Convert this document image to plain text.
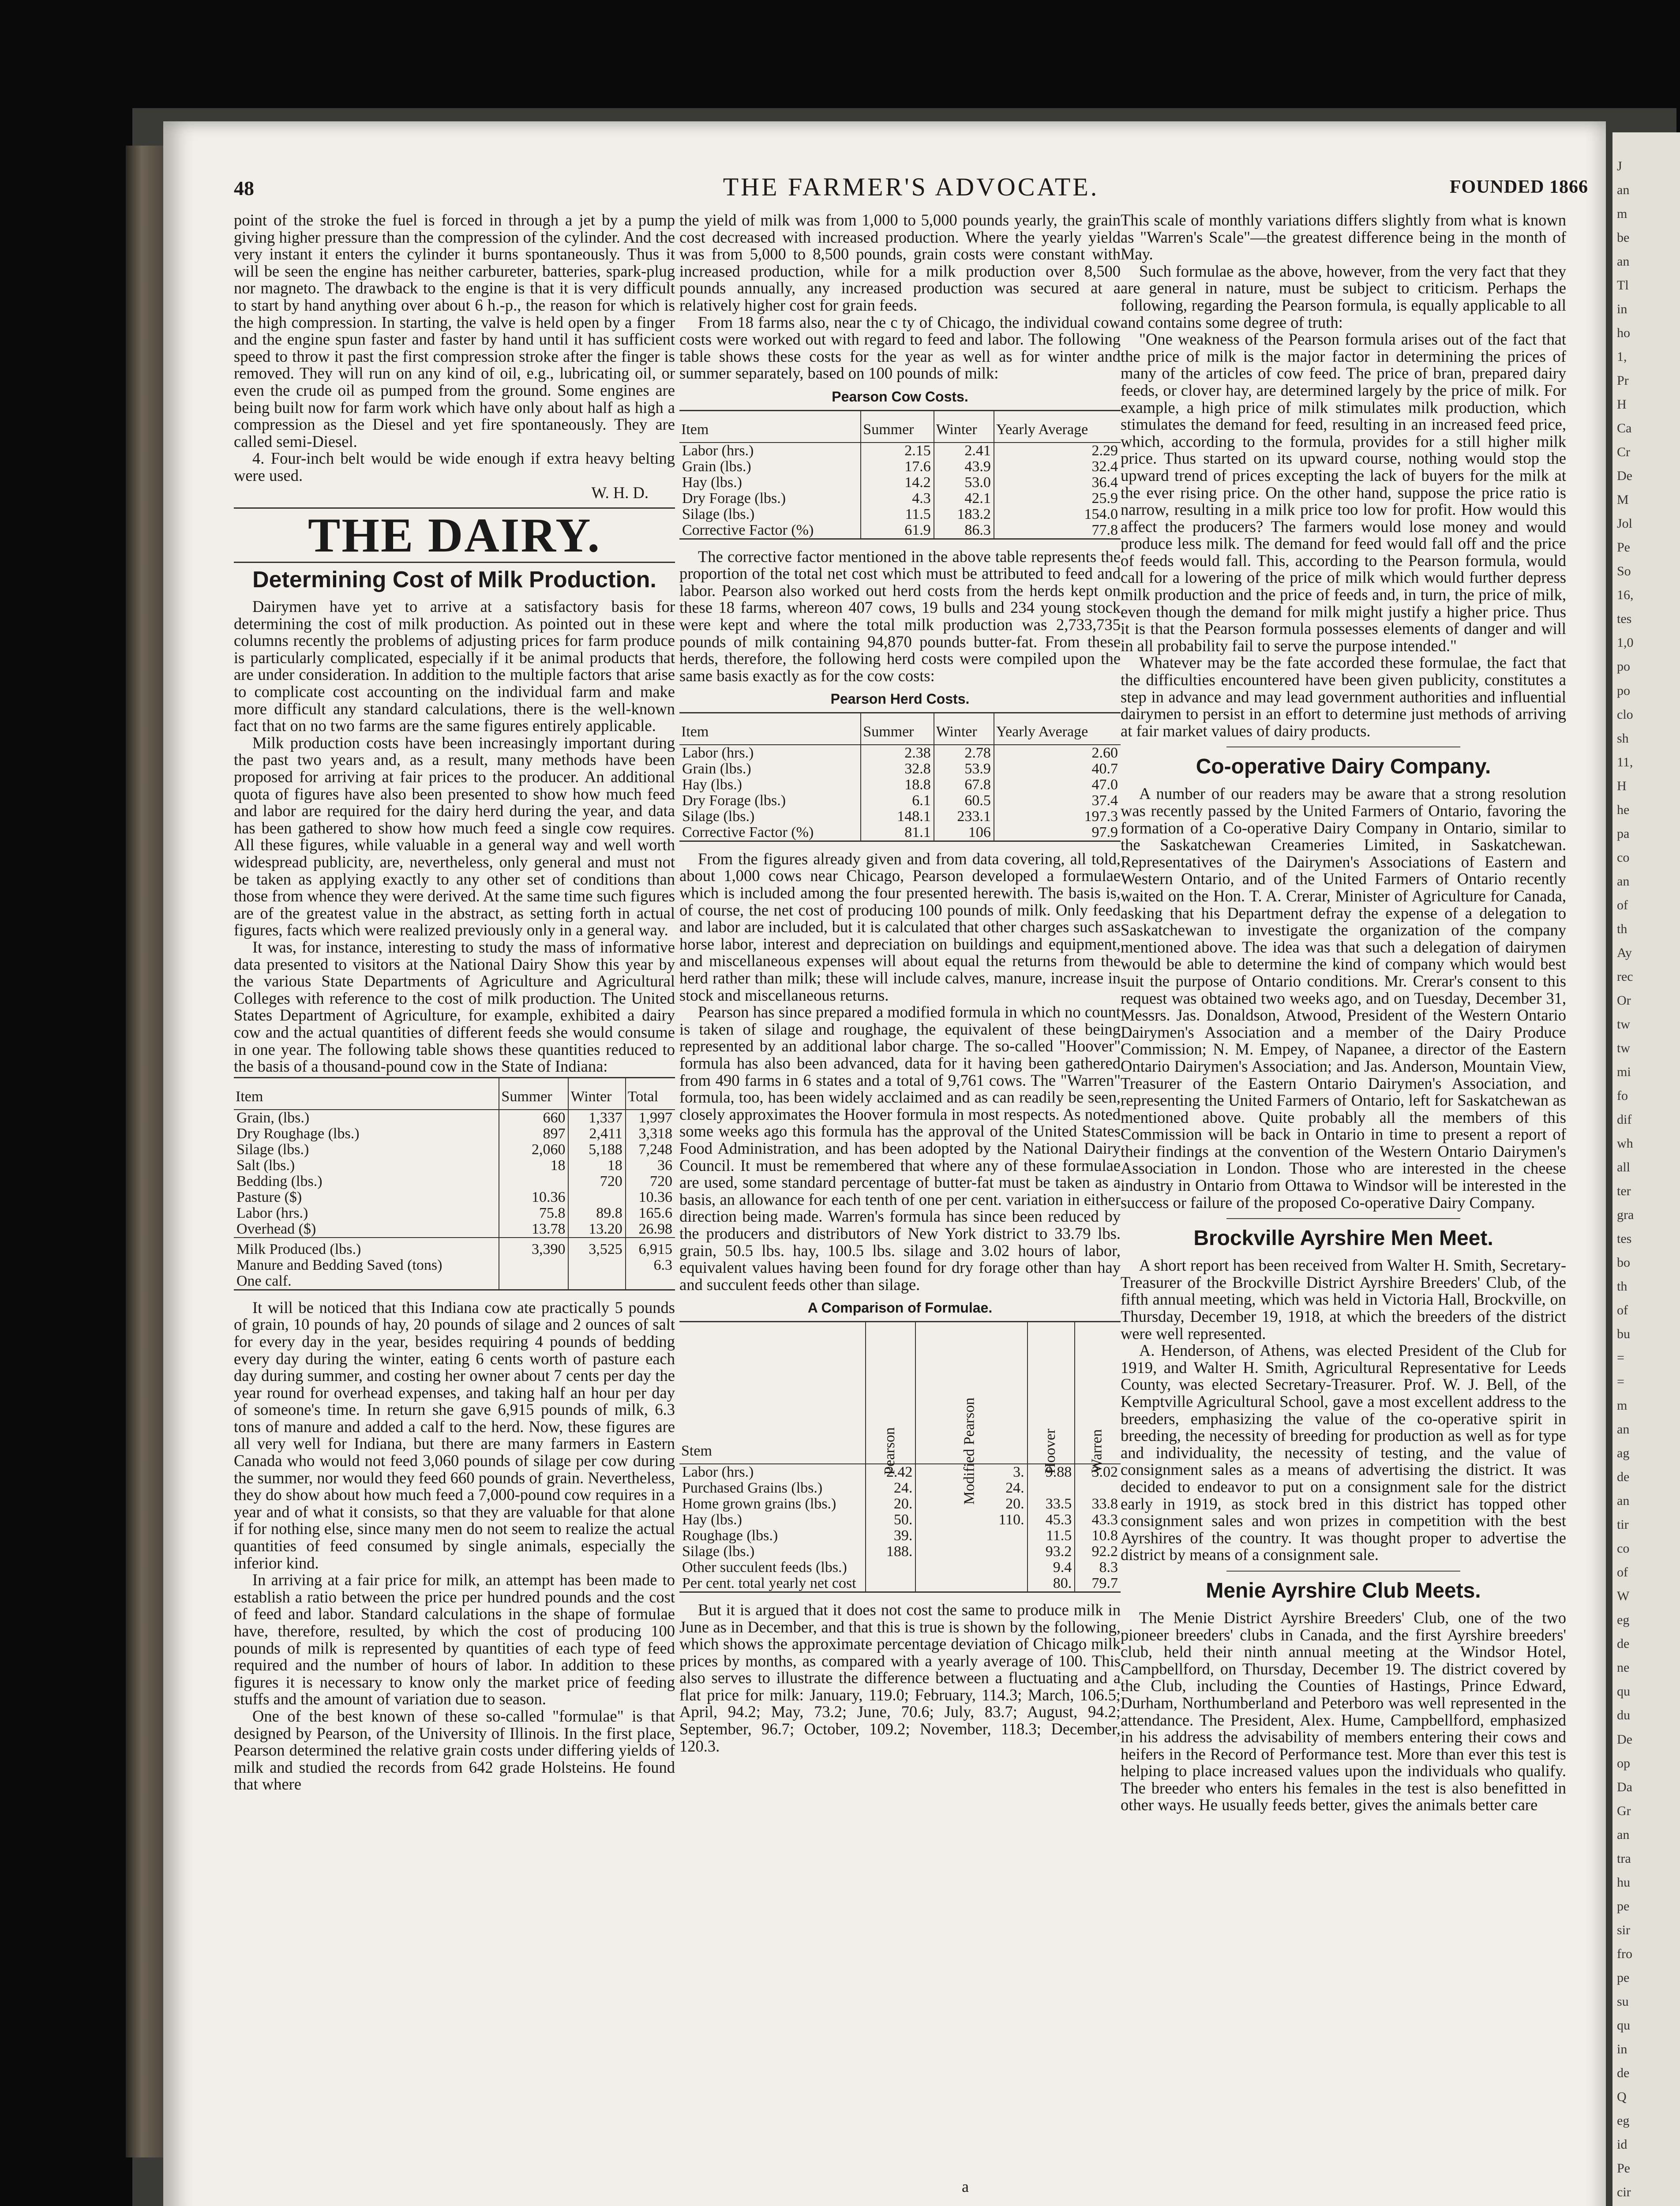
48	THE FARMER'S ADVOCATE.	FOUNDED 1866

point of the stroke the fuel is forced in through a jet by a pump giving higher pressure than the compression of the cylinder. And the very instant it enters the cylinder it burns spontaneously. Thus it will be seen the engine has neither carbureter, batteries, spark-plug nor magneto. The drawback to the engine is that it is very difficult to start by hand anything over about 6 h.-p., the reason for which is the high compression. In starting, the valve is held open by a finger and the engine spun faster and faster by hand until it has sufficient speed to throw it past the first compression stroke after the finger is removed. They will run on any kind of oil, e.g., lubricating oil, or even the crude oil as pumped from the ground. Some engines are being built now for farm work which have only about half as high a compression as the Diesel and yet fire spontaneously. They are called semi-Diesel.

4. Four-inch belt would be wide enough if extra heavy belting were used.

W. H. D.
THE DAIRY.
Determining Cost of Milk Production.

Dairymen have yet to arrive at a satisfactory basis for determining the cost of milk production. As pointed out in these columns recently the problems of adjusting prices for farm produce is particularly complicated, especially if it be animal products that are under consideration. In addition to the multiple factors that arise to complicate cost accounting on the individual farm and make more difficult any standard calculations, there is the well-known fact that on no two farms are the same figures entirely applicable.

Milk production costs have been increasingly important during the past two years and, as a result, many methods have been proposed for arriving at fair prices to the producer. An additional quota of figures have also been presented to show how much feed and labor are required for the dairy herd during the year, and data has been gathered to show how much feed a single cow requires. All these figures, while valuable in a general way and well worth widespread publicity, are, nevertheless, only general and must not be taken as applying exactly to any other set of conditions than those from whence they were derived. At the same time such figures are of the greatest value in the abstract, as setting forth in actual figures, facts which were realized previously only in a general way.

It was, for instance, interesting to study the mass of informative data presented to visitors at the National Dairy Show this year by the various State Departments of Agriculture and Agricultural Colleges with reference to the cost of milk production. The United States Department of Agriculture, for example, exhibited a dairy cow and the actual quantities of different feeds she would consume in one year. The following table shows these quantities reduced to the basis of a thousand-pound cow in the State of Indiana:

Item	Summer	Winter	Total
Grain, (lbs.)	660	1,337	1,997
Dry Roughage (lbs.)	897	2,411	3,318
Silage (lbs.)	2,060	5,188	7,248
Salt (lbs.)	18	18	36
Bedding (lbs.)		720	720
Pasture ($)	10.36		10.36
Labor (hrs.)	75.8	89.8	165.6
Overhead ($)	13.78	13.20	26.98
Milk Produced (lbs.)	3,390	3,525	6,915
Manure and Bedding Saved (tons)			6.3
One calf.			

It will be noticed that this Indiana cow ate practically 5 pounds of grain, 10 pounds of hay, 20 pounds of silage and 2 ounces of salt for every day in the year, besides requiring 4 pounds of bedding every day during the winter, eating 6 cents worth of pasture each day during summer, and costing her owner about 7 cents per day the year round for overhead expenses, and taking half an hour per day of someone's time. In return she gave 6,915 pounds of milk, 6.3 tons of manure and added a calf to the herd. Now, these figures are all very well for Indiana, but there are many farmers in Eastern Canada who would not feed 3,060 pounds of silage per cow during the summer, nor would they feed 660 pounds of grain. Nevertheless, they do show about how much feed a 7,000-pound cow requires in a year and of what it consists, so that they are valuable for that alone if for nothing else, since many men do not seem to realize the actual quantities of feed consumed by single animals, especially the inferior kind.

In arriving at a fair price for milk, an attempt has been made to establish a ratio between the price per hundred pounds and the cost of feed and labor. Standard calculations in the shape of formulae have, therefore, resulted, by which the cost of producing 100 pounds of milk is represented by quantities of each type of feed required and the number of hours of labor. In addition to these figures it is necessary to know only the market price of feeding stuffs and the amount of variation due to season.

One of the best known of these so-called "formulae" is that designed by Pearson, of the University of Illinois. In the first place, Pearson determined the relative grain costs under differing yields of milk and studied the records from 642 grade Holsteins. He found that where

the yield of milk was from 1,000 to 5,000 pounds yearly, the grain cost decreased with increased production. Where the yearly yield was from 5,000 to 8,500 pounds, grain costs were constant with increased production, while for a milk production over 8,500 pounds annually, any increased production was secured at a relatively higher cost for grain feeds.

From 18 farms also, near the c ty of Chicago, the individual cow costs were worked out with regard to feed and labor. The following table shows these costs for the year as well as for winter and summer separately, based on 100 pounds of milk:

Pearson Cow Costs.
Item	Summer	Winter	Yearly Average
Labor (hrs.)	2.15	2.41	2.29
Grain (lbs.)	17.6	43.9	32.4
Hay (lbs.)	14.2	53.0	36.4
Dry Forage (lbs.)	4.3	42.1	25.9
Silage (lbs.)	11.5	183.2	154.0
Corrective Factor (%)	61.9	86.3	77.8

The corrective factor mentioned in the above table represents the proportion of the total net cost which must be attributed to feed and labor. Pearson also worked out herd costs from the herds kept on these 18 farms, whereon 407 cows, 19 bulls and 234 young stock were kept and where the total milk production was 2,733,735 pounds of milk containing 94,870 pounds butter-fat. From these herds, therefore, the following herd costs were compiled upon the same basis exactly as for the cow costs:

Pearson Herd Costs.
Item	Summer	Winter	Yearly Average
Labor (hrs.)	2.38	2.78	2.60
Grain (lbs.)	32.8	53.9	40.7
Hay (lbs.)	18.8	67.8	47.0
Dry Forage (lbs.)	6.1	60.5	37.4
Silage (lbs.)	148.1	233.1	197.3
Corrective Factor (%)	81.1	106	97.9

From the figures already given and from data covering, all told, about 1,000 cows near Chicago, Pearson developed a formulae which is included among the four presented herewith. The basis is, of course, the net cost of producing 100 pounds of milk. Only feed and labor are included, but it is calculated that other charges such as horse labor, interest and depreciation on buildings and equipment, and miscellaneous expenses will about equal the returns from the herd rather than milk; these will include calves, manure, increase in stock and miscellaneous returns.

Pearson has since prepared a modified formula in which no count is taken of silage and roughage, the equivalent of these being represented by an additional labor charge. The so-called "Hoover" formula has also been advanced, data for it having been gathered from 490 farms in 6 states and a total of 9,761 cows. The "Warren" formula, too, has been widely acclaimed and as can readily be seen, closely approximates the Hoover formula in most respects. As noted some weeks ago this formula has the approval of the United States Food Administration, and has been adopted by the National Dairy Council. It must be remembered that where any of these formulae are used, some standard percentage of butter-fat must be taken as a basis, an allowance for each tenth of one per cent. variation in either direction being made. Warren's formula has since been reduced by the producers and distributors of New York district to 33.79 lbs. grain, 50.5 lbs. hay, 100.5 lbs. silage and 3.02 hours of labor, equivalent values having been found for dry forage other than hay and succulent feeds other than silage.

A Comparison of Formulae.
Stem	Pearson	Modified Pearson	Hoover	Warren
Labor (hrs.)	2.42	3.	9.88	3.02
Purchased Grains (lbs.)	24.	24.		
Home grown grains (lbs.)	20.	20.	33.5	33.8
Hay (lbs.)	50.	110.	45.3	43.3
Roughage (lbs.)	39.		11.5	10.8
Silage (lbs.)	188.		93.2	92.2
Other succulent feeds (lbs.)			9.4	8.3
Per cent. total yearly net cost			80.	79.7

But it is argued that it does not cost the same to produce milk in June as in December, and that this is true is shown by the following, which shows the approximate percentage deviation of Chicago milk prices by months, as compared with a yearly average of 100. This also serves to illustrate the difference between a fluctuating and a flat price for milk: January, 119.0; February, 114.3; March, 106.5; April, 94.2; May, 73.2; June, 70.6; July, 83.7; August, 94.2; September, 96.7; October, 109.2; November, 118.3; December, 120.3.

This scale of monthly variations differs slightly from what is known as "Warren's Scale"—the greatest difference being in the month of May.

Such formulae as the above, however, from the very fact that they are general in nature, must be subject to criticism. Perhaps the following, regarding the Pearson formula, is equally applicable to all and contains some degree of truth:

"One weakness of the Pearson formula arises out of the fact that the price of milk is the major factor in determining the prices of many of the articles of cow feed. The price of bran, prepared dairy feeds, or clover hay, are determined largely by the price of milk. For example, a high price of milk stimulates milk production, which stimulates the demand for feed, resulting in an increased feed price, which, according to the formula, provides for a still higher milk price. Thus started on its upward course, nothing would stop the upward trend of prices excepting the lack of buyers for the milk at the ever rising price. On the other hand, suppose the price ratio is narrow, resulting in a milk price too low for profit. How would this affect the producers? The farmers would lose money and would produce less milk. The demand for feed would fall off and the price of feeds would fall. This, according to the Pearson formula, would call for a lowering of the price of milk which would further depress milk production and the price of feeds and, in turn, the price of milk, even though the demand for milk might justify a higher price. Thus it is that the Pearson formula possesses elements of danger and will in all probability fail to serve the purpose intended."

Whatever may be the fate accorded these formulae, the fact that the difficulties encountered have been given publicity, constitutes a step in advance and may lead government authorities and influential dairymen to persist in an effort to determine just methods of arriving at fair market values of dairy products.

Co-operative Dairy Company.

A number of our readers may be aware that a strong resolution was recently passed by the United Farmers of Ontario, favoring the formation of a Co-operative Dairy Company in Ontario, similar to the Saskatchewan Creameries Limited, in Saskatchewan. Representatives of the Dairymen's Associations of Eastern and Western Ontario, and of the United Farmers of Ontario recently waited on the Hon. T. A. Crerar, Minister of Agriculture for Canada, asking that his Department defray the expense of a delegation to Saskatchewan to investigate the organization of the company mentioned above. The idea was that such a delegation of dairymen would be able to determine the kind of company which would best suit the purpose of Ontario conditions. Mr. Crerar's consent to this request was obtained two weeks ago, and on Tuesday, December 31, Messrs. Jas. Donaldson, Atwood, President of the Western Ontario Dairymen's Association and a member of the Dairy Produce Commission; N. M. Empey, of Napanee, a director of the Eastern Ontario Dairymen's Association; and Jas. Anderson, Mountain View, Treasurer of the Eastern Ontario Dairymen's Association, and representing the United Farmers of Ontario, left for Saskatchewan as mentioned above. Quite probably all the members of this Commission will be back in Ontario in time to present a report of their findings at the convention of the Western Ontario Dairymen's Association in London. Those who are interested in the cheese industry in Ontario from Ottawa to Windsor will be interested in the success or failure of the proposed Co-operative Dairy Company.

Brockville Ayrshire Men Meet.

A short report has been received from Walter H. Smith, Secretary-Treasurer of the Brockville District Ayrshire Breeders' Club, of the fifth annual meeting, which was held in Victoria Hall, Brockville, on Thursday, December 19, 1918, at which the breeders of the district were well represented.

A. Henderson, of Athens, was elected President of the Club for 1919, and Walter H. Smith, Agricultural Representative for Leeds County, was elected Secretary-Treasurer. Prof. W. J. Bell, of the Kemptville Agricultural School, gave a most excellent address to the breeders, emphasizing the value of the co-operative spirit in breeding, the necessity of breeding for production as well as for type and individuality, the necessity of testing, and the value of consignment sales as a means of advertising the district. It was decided to endeavor to put on a consignment sale for the district early in 1919, as stock bred in this district has topped other consignment sales and won prizes in competition with the best Ayrshires of the country. It was thought proper to advertise the district by means of a consignment sale.

Menie Ayrshire Club Meets.

The Menie District Ayrshire Breeders' Club, one of the two pioneer breeders' clubs in Canada, and the first Ayrshire breeders' club, held their ninth annual meeting at the Windsor Hotel, Campbellford, on Thursday, December 19. The district covered by the Club, including the Counties of Hastings, Prince Edward, Durham, Northumberland and Peterboro was well represented in the attendance. The President, Alex. Hume, Campbellford, emphasized in his address the advisability of members entering their cows and heifers in the Record of Performance test. More than ever this test is helping to place increased values upon the individuals who qualify. The breeder who enters his females in the test is also benefitted in other ways. He usually feeds better, gives the animals better care

a
J
an
m
be
an
Tl
in
ho
1,
Pr
H
Ca
Cr
De
M
Jol
Pe
So
16,
tes
1,0
po
po
clo
sh
11,
H
he
pa
co
an
of
th
Ay
rec
Or
tw
tw
mi
fo
dif
wh
all
ter
gra
tes
bo
th
of
bu
=
=
m
an
ag
de
an
tir
co
of
W
eg
de
ne
qu
du
De
op
Da
Gr
an
tra
hu
pe
sir
fro
pe
su
qu
in
de
Q
eg
id
Pe
cir
